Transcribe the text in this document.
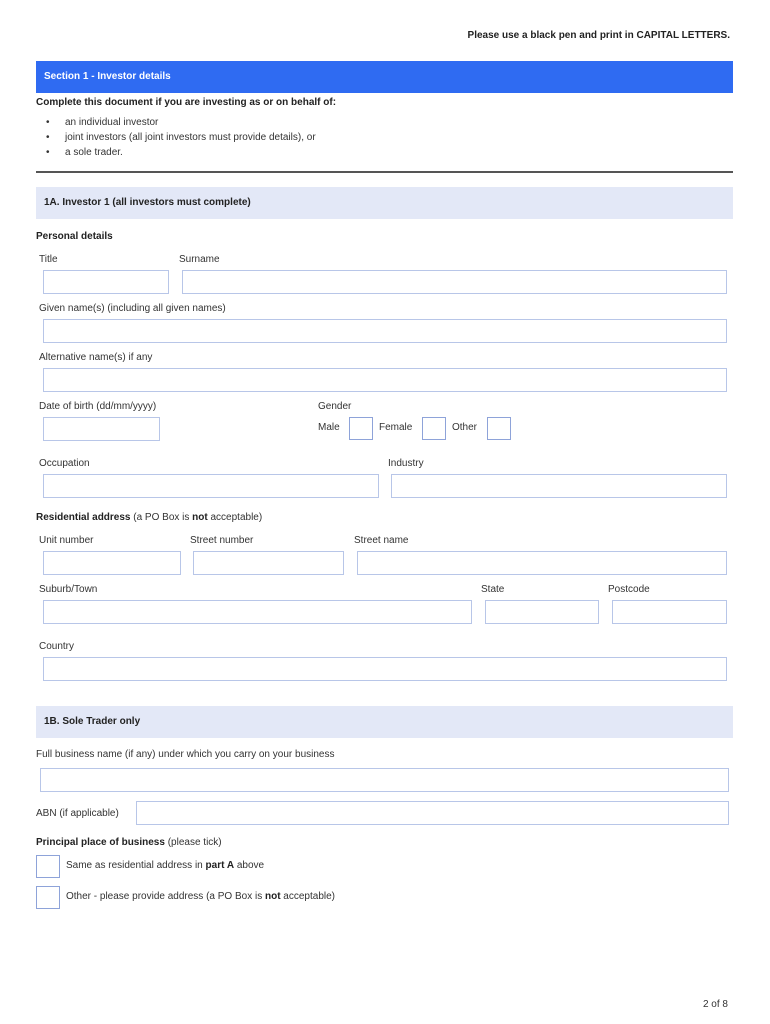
Please use a black pen and print in CAPITAL LETTERS.
Section 1 - Investor details
Complete this document if you are investing as or on behalf of:
• an individual investor
• joint investors (all joint investors must provide details), or
• a sole trader.
1A. Investor 1 (all investors must complete)
Personal details
Title	Surname
Given name(s) (including all given names)
Alternative name(s) if any
Date of birth (dd/mm/yyyy)	Gender
Male	Female	Other
Occupation	Industry
Residential address (a PO Box is not acceptable)
Unit number	Street number	Street name
Suburb/Town	State	Postcode
Country
1B. Sole Trader only
Full business name (if any) under which you carry on your business
ABN (if applicable)
Principal place of business (please tick)
Same as residential address in part A above
Other - please provide address (a PO Box is not acceptable)
2 of 8
